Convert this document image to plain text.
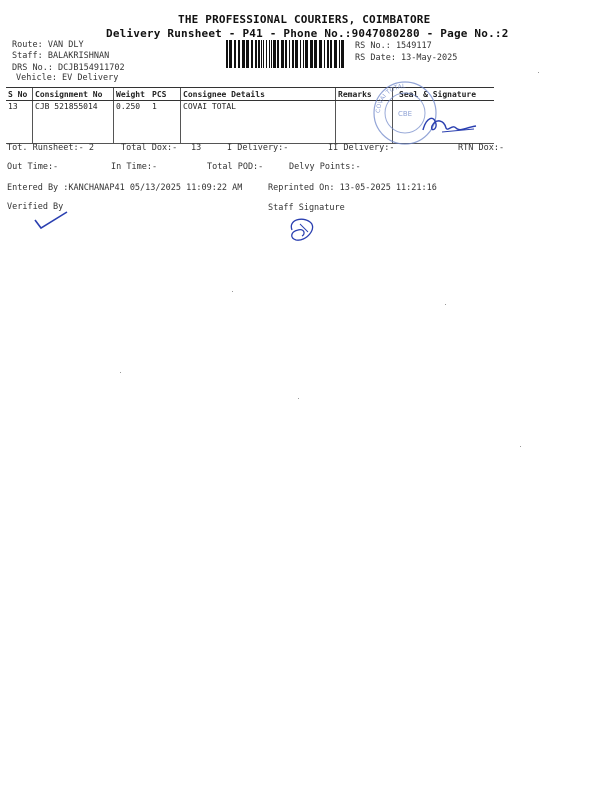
THE PROFESSIONAL COURIERS, COIMBATORE
Delivery Runsheet - P41 - Phone No.:9047080280 - Page No.:2
Route: VAN DLY
Staff: BALAKRISHNAN
DRS No.: DCJB154911702
Vehicle: EV Delivery
RS No.: 1549117
RS Date: 13-May-2025
S No	Consignment No	Weight	PCS	Consignee Details	Remarks	Seal & Signature
13	CJB 521855014	0.250	1	COVAI TOTAL			COVAI TOTAL
CBE
Tot. Runsheet:- 2	Total Dox:- 13	I Delivery:-	II Delivery:-	RTN Dox:-
Out Time:-	In Time:-	Total POD:-	Delvy Points:-
Entered By :KANCHANAP41 05/13/2025 11:09:22 AM	Reprinted On: 13-05-2025 11:21:16
Verified By	Staff Signature
